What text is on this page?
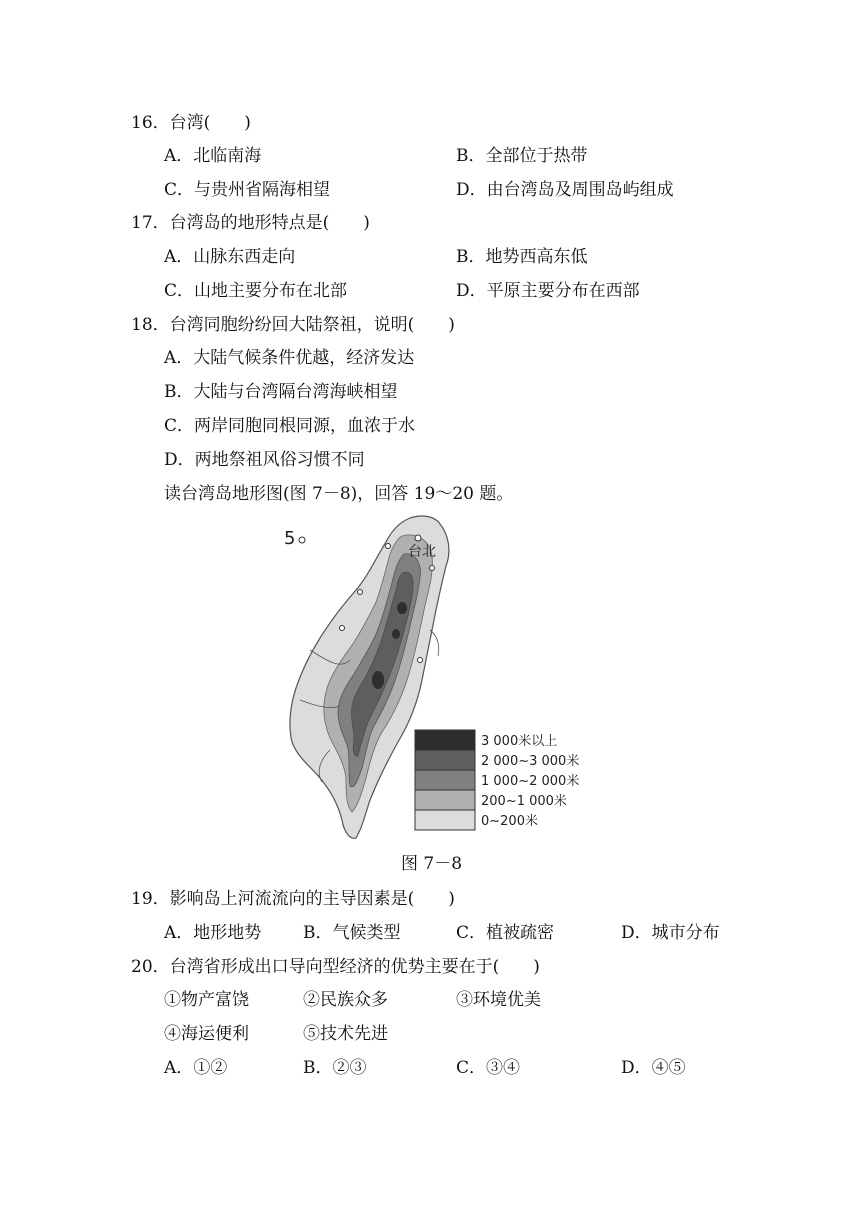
16．台湾(　　)
A．北临南海	B．全部位于热带
C．与贵州省隔海相望	D．由台湾岛及周围岛屿组成
17．台湾岛的地形特点是(　　)
A．山脉东西走向	B．地势西高东低
C．山地主要分布在北部	D．平原主要分布在西部
18．台湾同胞纷纷回大陆祭祖，说明(　　)
A．大陆气候条件优越，经济发达
B．大陆与台湾隔台湾海峡相望
C．两岸同胞同根同源，血浓于水
D．两地祭祖风俗习惯不同
读台湾岛地形图(图 7－8)，回答 19～20 题。
5
台北
3 000米以上
2 000~3 000米
1 000~2 000米
200~1 000米
0~200米
图 7－8
19．影响岛上河流流向的主导因素是(　　)
A．地形地势 B．气候类型	C．植被疏密	D．城市分布
20．台湾省形成出口导向型经济的优势主要在于(　　)
①物产富饶	②民族众多	③环境优美
④海运便利	⑤技术先进
A．①②	B．②③	C．③④	D．④⑤
